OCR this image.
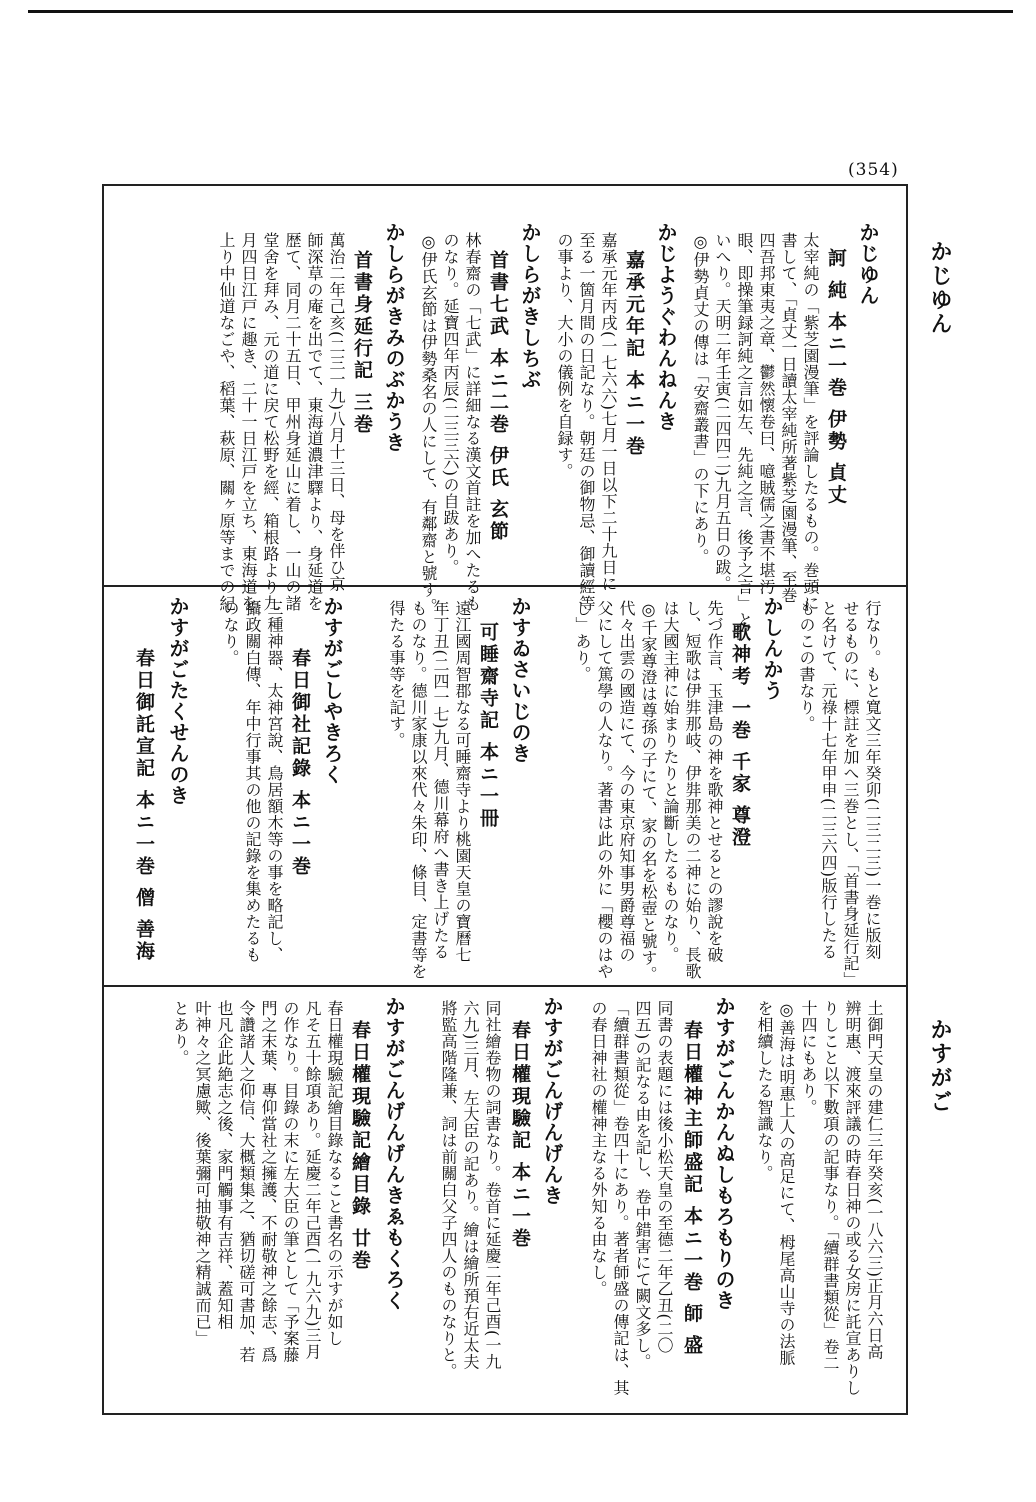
(354)
かじゆん
かすがご
かじゆん
訶 純 本ニ一巻 伊勢 貞丈
太宰純の「紫芝園漫筆」を評論したるもの。巻頭に
書して、「貞丈一日讀太宰純所著紫芝園漫筆、至巻
四吾邦東夷之章、鬱然懷卷曰、噫賊儒之書不堪汚
眼、即操筆録訶純之言如左、先純之言、後予之言」と
いへり。天明二年壬寅(二四四二)九月五日の跋。
◎伊勢貞丈の傳は「安齋叢書」の下にあり。
かじようぐわんねんき
嘉承元年記 本ニ一巻
嘉承元年丙戌(一七六六)七月一日以下二十九日に
至る一箇月間の日記なり。朝廷の御物忌、御讀經等
の事より、大小の儀例を自録す。
かしらがきしちぶ
首書七武 本ニ二巻 伊氏 玄節
林春齋の「七武」に詳細なる漢文首註を加へたるも
のなり。延寶四年丙辰(二三三六)の自跋あり。
◎伊氏玄節は伊勢桑名の人にして、有鄰齋と號す。
かしらがきみのぶかうき
首書身延行記 三巻
萬治二年己亥(二三一九)八月十三日、母を伴ひ京
師深草の庵を出でて、東海道濃津驛より、身延道を
歴て、同月二十五日、甲州身延山に着し、一山の諸
堂舍を拜み、元の道に戻て松野を經、箱根路より九
月四日江戸に趣き、二十一日江戸を立ち、東海道を
上り中仙道なごや、稻葉、萩原、關ヶ原等までの紀
行なり。もと寬文三年癸卯(二三二三)一巻に版刻
せるものに、標註を加へ三巻とし、「首書身延行記」
と名けて、元祿十七年甲申(二三六四)版行したる
ものこの書なり。
かしんかう
歌神考 一巻 千家 尊澄
先づ作言、玉津島の神を歌神とせるとの謬說を破
し、短歌は伊弉那岐、伊弉那美の二神に始り、長歌
は大國主神に始まりたりと論斷したるものなり。
◎千家尊澄は尊孫の子にて、家の名を松壺と號す。
代々出雲の國造にて、今の東京府知事男爵尊福の
父にして篤學の人なり。著書は此の外に「櫻のはや
し」あり。
かすゐさいじのき
可睡齋寺記 本ニ一冊
遠江國周智郡なる可睡齋寺より桃園天皇の寶曆七
年丁丑(二四一七)九月、德川幕府へ書き上げたる
ものなり。德川家康以來代々朱印、條目、定書等を
得たる事等を記す。
かすがごしやきろく
春日御社記錄 本ニ一巻
三種神器、太神宮說、鳥居額木等の事を略記し、
攝政關白傳、年中行事其の他の記錄を集めたるも
のなり。
かすがごたくせんのき
春日御託宣記 本ニ一巻 僧 善海
土御門天皇の建仁三年癸亥(一八六三)正月六日高
辨明惠、渡來評議の時春日神の或る女房に託宣ありし
りしこと以下數項の記事なり。「續群書類從」卷二
十四にもあり。
◎善海は明惠上人の高足にて、栂尾高山寺の法脈
を相續したる智識なり。
かすがごんかんぬしもろもりのき
春日權神主師盛記 本ニ一巻 師 盛
同書の表題には後小松天皇の至德二年乙丑(二〇
四五)の記なる由を記し、卷中錯害にて闕文多し。
「續群書類從」卷四十にあり。著者師盛の傳記は、其
の春日神社の權神主なる外知る由なし。
かすがごんげんげんき
春日權現驗記 本ニ一巻
同社繪卷物の詞書なり。卷首に延慶二年己酉(一九
六九)三月、左大臣の記あり。繪は繪所預右近太夫
將監高階隆兼、詞は前關白父子四人のものなりと。
かすがごんげんげんきゑもくろく
春日權現驗記繪目錄 廿巻
春日權現驗記繪目錄なること書名の示すが如し
凡そ五十餘項あり。延慶二年己酉(一九六九)三月
の作なり。目錄の末に左大臣の筆として「予案藤
門之末葉、專仰當社之擁護、不耐敬神之餘志、爲
令讚諸人之仰信、大概類集之、猶切磋可書加、若
也凡企此絶志之後、家門觸事有吉祥、蓋知相
叶神々之冥慮歟、後葉彌可抽敬神之精誠而已」
とあり。
